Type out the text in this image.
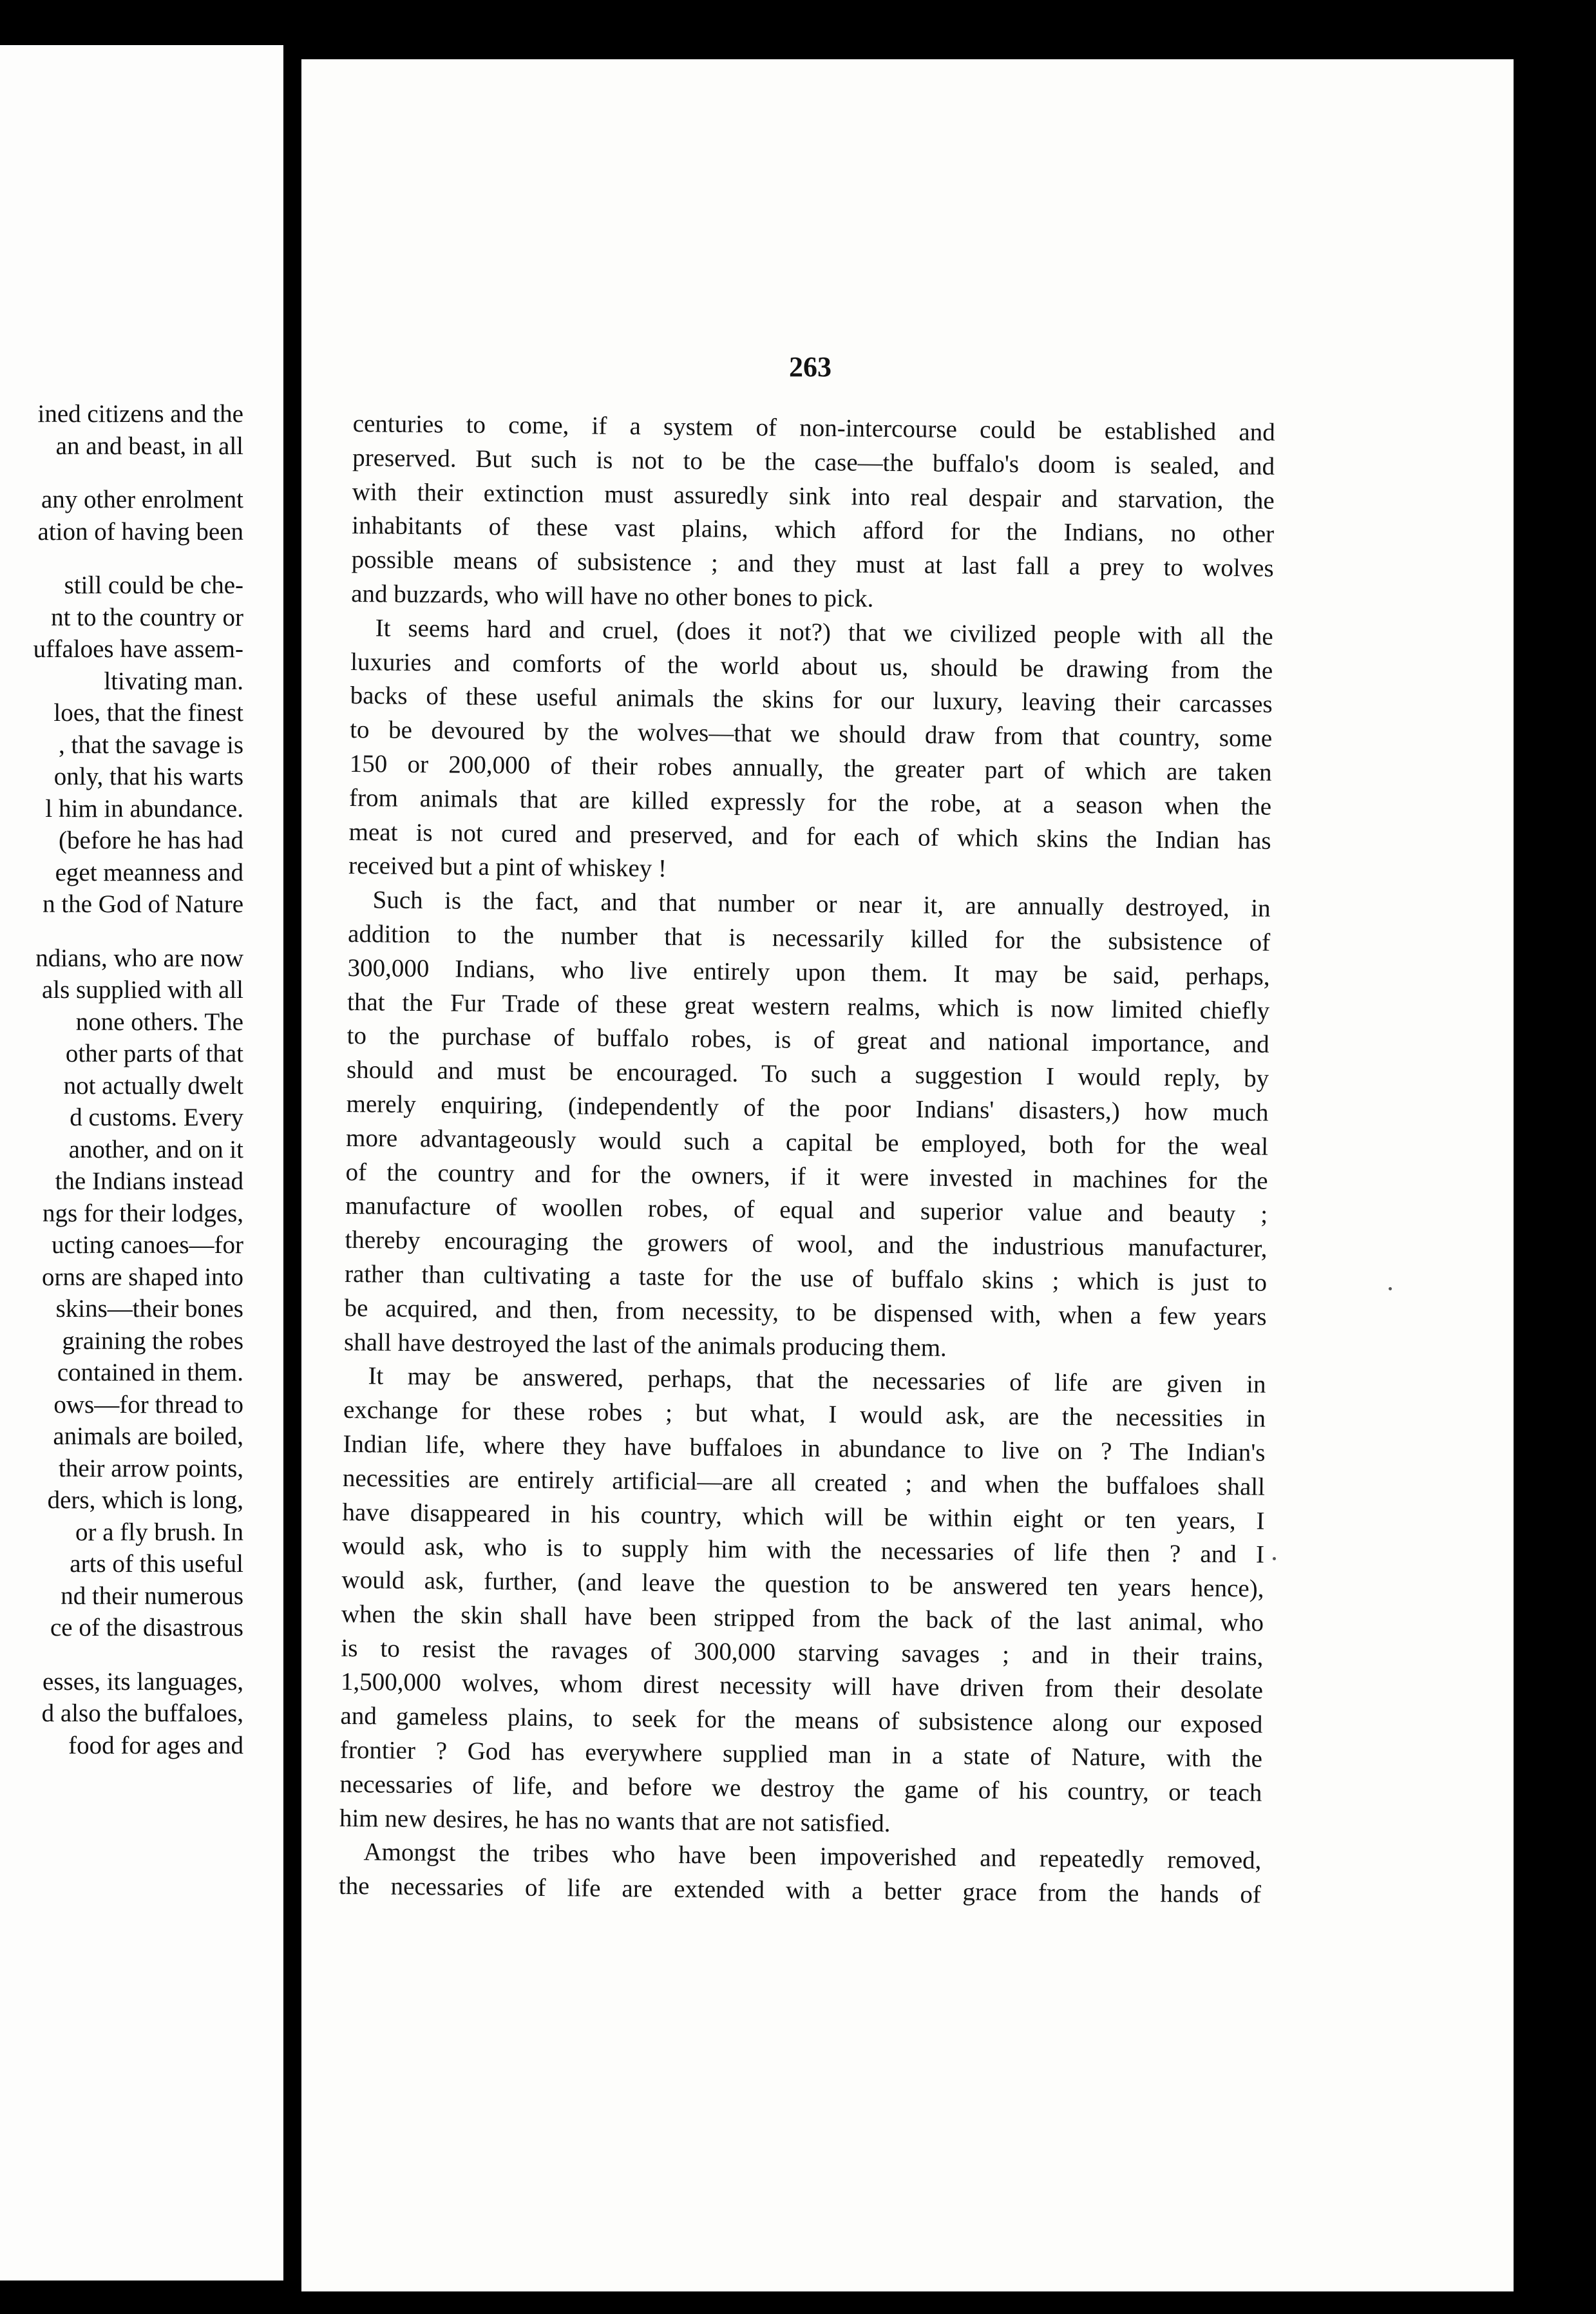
ined citizens and the
an and beast, in all
any other enrolment
ation of having been
still could be che-
nt to the country or
uffaloes have assem-
ltivating man.
loes, that the finest
, that the savage is
only, that his warts
l him in abundance.
(before he has had
eget meanness and
n the God of Nature
ndians, who are now
als supplied with all
none others. The
other parts of that
not actually dwelt
d customs. Every
another, and on it
the Indians instead
ngs for their lodges,
ucting canoes—for
orns are shaped into
skins—their bones
graining the robes
contained in them.
ows—for thread to
animals are boiled,
their arrow points,
ders, which is long,
or a fly brush. In
arts of this useful
nd their numerous
ce of the disastrous
esses, its languages,
d also the buffaloes,
food for ages and
263
centuries to come, if a system of non-intercourse could be established and
preserved. But such is not to be the case—the buffalo's doom is sealed, and
with their extinction must assuredly sink into real despair and starvation, the
inhabitants of these vast plains, which afford for the Indians, no other
possible means of subsistence ; and they must at last fall a prey to wolves
and buzzards, who will have no other bones to pick.
It seems hard and cruel, (does it not?) that we civilized people with all the
luxuries and comforts of the world about us, should be drawing from the
backs of these useful animals the skins for our luxury, leaving their carcasses
to be devoured by the wolves—that we should draw from that country, some
150 or 200,000 of their robes annually, the greater part of which are taken
from animals that are killed expressly for the robe, at a season when the
meat is not cured and preserved, and for each of which skins the Indian has
received but a pint of whiskey !
Such is the fact, and that number or near it, are annually destroyed, in
addition to the number that is necessarily killed for the subsistence of
300,000 Indians, who live entirely upon them. It may be said, perhaps,
that the Fur Trade of these great western realms, which is now limited chiefly
to the purchase of buffalo robes, is of great and national importance, and
should and must be encouraged. To such a suggestion I would reply, by
merely enquiring, (independently of the poor Indians' disasters,) how much
more advantageously would such a capital be employed, both for the weal
of the country and for the owners, if it were invested in machines for the
manufacture of woollen robes, of equal and superior value and beauty ;
thereby encouraging the growers of wool, and the industrious manufacturer,
rather than cultivating a taste for the use of buffalo skins ; which is just to
be acquired, and then, from necessity, to be dispensed with, when a few years
shall have destroyed the last of the animals producing them.
It may be answered, perhaps, that the necessaries of life are given in
exchange for these robes ; but what, I would ask, are the necessities in
Indian life, where they have buffaloes in abundance to live on ? The Indian's
necessities are entirely artificial—are all created ; and when the buffaloes shall
have disappeared in his country, which will be within eight or ten years, I
would ask, who is to supply him with the necessaries of life then ? and I
would ask, further, (and leave the question to be answered ten years hence),
when the skin shall have been stripped from the back of the last animal, who
is to resist the ravages of 300,000 starving savages ; and in their trains,
1,500,000 wolves, whom direst necessity will have driven from their desolate
and gameless plains, to seek for the means of subsistence along our exposed
frontier ? God has everywhere supplied man in a state of Nature, with the
necessaries of life, and before we destroy the game of his country, or teach
him new desires, he has no wants that are not satisfied.
Amongst the tribes who have been impoverished and repeatedly removed,
the necessaries of life are extended with a better grace from the hands of
